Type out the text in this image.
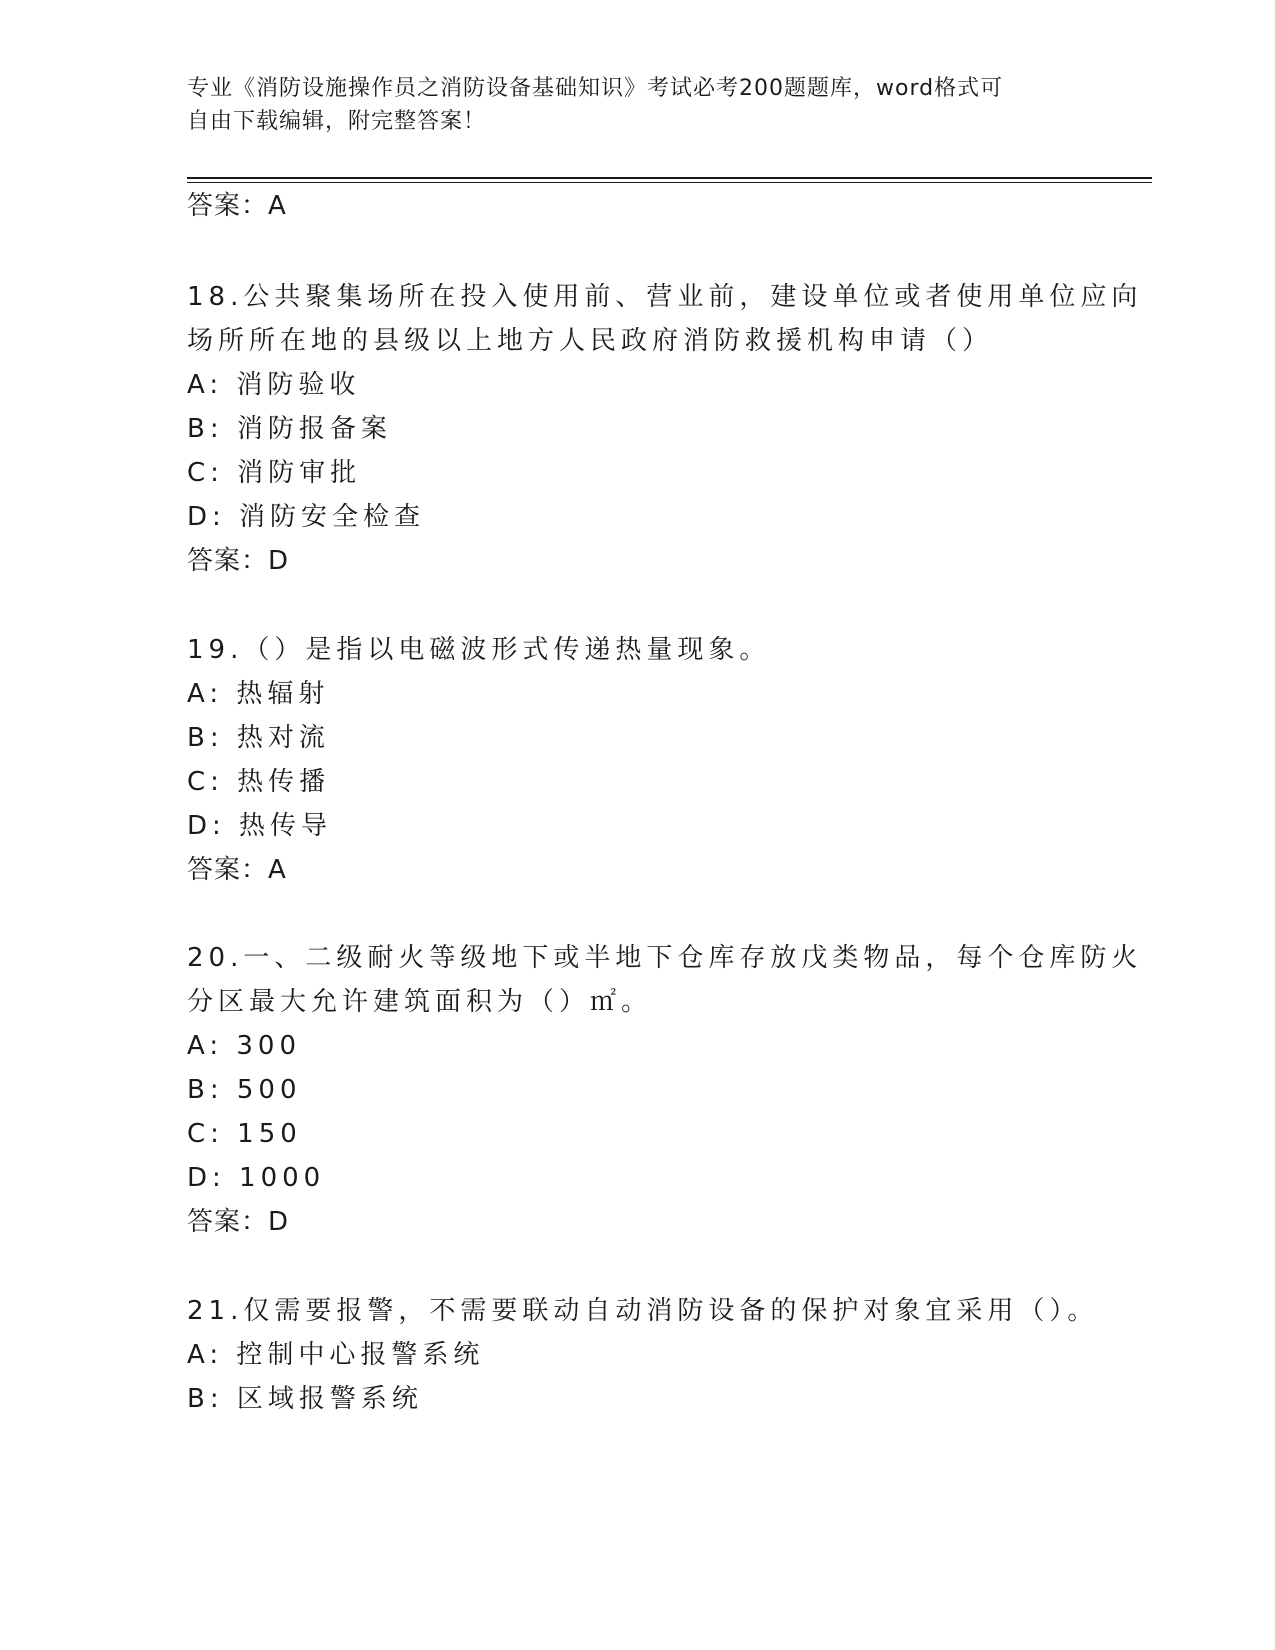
专业《消防设施操作员之消防设备基础知识》考试必考200题题库，word格式可
自由下载编辑，附完整答案！
答案：A
18.公共聚集场所在投入使用前、营业前，建设单位或者使用单位应向
场所所在地的县级以上地方人民政府消防救援机构申请（）
A: 消防验收
B: 消防报备案
C: 消防审批
D: 消防安全检查
答案：D
19.（）是指以电磁波形式传递热量现象。
A: 热辐射
B: 热对流
C: 热传播
D: 热传导
答案：A
20.一、二级耐火等级地下或半地下仓库存放戊类物品，每个仓库防火
分区最大允许建筑面积为（）㎡。
A: 300
B: 500
C: 150
D: 1000
答案：D
21.仅需要报警，不需要联动自动消防设备的保护对象宜采用（）。
A: 控制中心报警系统
B: 区域报警系统
